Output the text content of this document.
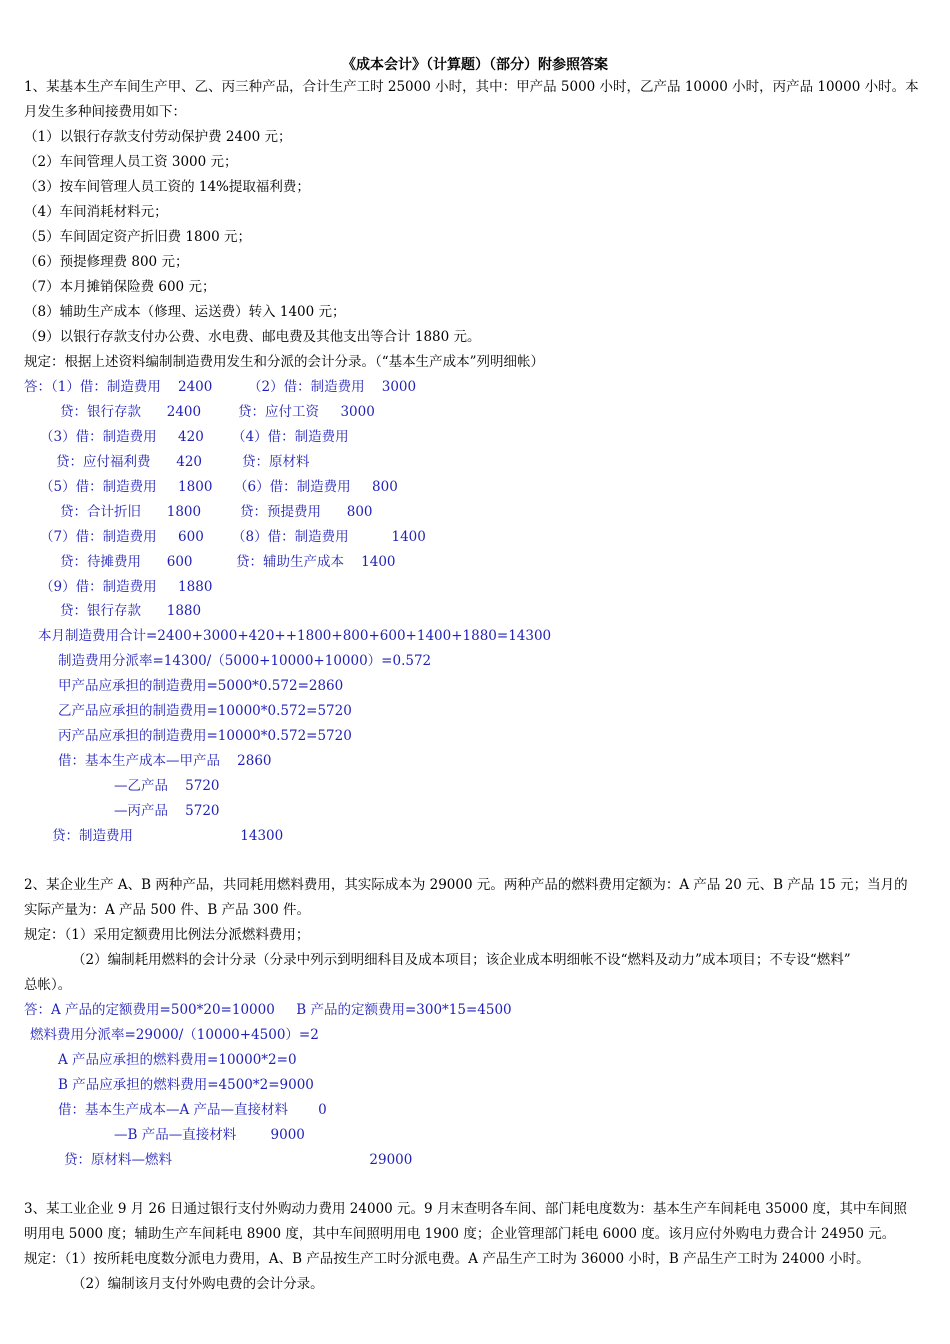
《成本会计》（计算题）（部分）附参照答案
1、某基本生产车间生产甲、乙、丙三种产品，合计生产工时 25000 小时，其中：甲产品 5000 小时，乙产品 10000 小时，丙产品 10000 小时。本
月发生多种间接费用如下：
（1）以银行存款支付劳动保护费 2400 元；
（2）车间管理人员工资 3000 元；
（3）按车间管理人员工资的 14%提取福利费；
（4）车间消耗材料元；
（5）车间固定资产折旧费 1800 元；
（6）预提修理费 800 元；
（7）本月摊销保险费 600 元；
（8）辅助生产成本（修理、运送费）转入 1400 元；
（9）以银行存款支付办公费、水电费、邮电费及其他支出等合计 1880 元。
规定：根据上述资料编制制造费用发生和分派的会计分录。（“基本生产成本”列明细帐）
答：（1）借：制造费用    2400	（2）借：制造费用    3000
贷：银行存款      2400	贷：应付工资     3000
（3）借：制造费用     420 （4）借：制造费用
贷：应付福利费      420	贷：原材料
（5）借：制造费用     1800 （6）借：制造费用     800
贷：合计折旧      1800	贷：预提费用      800
（7）借：制造费用     600 （8）借：制造费用          1400
贷：待摊费用      600	贷：辅助生产成本    1400
（9）借：制造费用     1880
贷：银行存款      1880
本月制造费用合计=2400+3000+420++1800+800+600+1400+1880=14300
制造费用分派率=14300/（5000+10000+10000）=0.572
甲产品应承担的制造费用=5000*0.572=2860
乙产品应承担的制造费用=10000*0.572=5720
丙产品应承担的制造费用=10000*0.572=5720
借：基本生产成本—甲产品    2860
—乙产品    5720
—丙产品    5720
贷：制造费用                         14300
2、某企业生产 A、B 两种产品，共同耗用燃料费用，其实际成本为 29000 元。两种产品的燃料费用定额为：A 产品 20 元、B 产品 15 元；当月的
实际产量为：A 产品 500 件、B 产品 300 件。
规定：（1）采用定额费用比例法分派燃料费用；
（2）编制耗用燃料的会计分录（分录中列示到明细科目及成本项目；该企业成本明细帐不设“燃料及动力”成本项目；不专设“燃料”
总帐）。
答：A 产品的定额费用=500*20=10000     B 产品的定额费用=300*15=4500
燃料费用分派率=29000/（10000+4500）=2
A 产品应承担的燃料费用=10000*2=0
B 产品应承担的燃料费用=4500*2=9000
借：基本生产成本—A 产品—直接材料       0
—B 产品—直接材料        9000
贷：原材料—燃料                                              29000
3、某工业企业 9 月 26 日通过银行支付外购动力费用 24000 元。9 月末查明各车间、部门耗电度数为：基本生产车间耗电 35000 度，其中车间照
明用电 5000 度；辅助生产车间耗电 8900 度，其中车间照明用电 1900 度；企业管理部门耗电 6000 度。该月应付外购电力费合计 24950 元。
规定：（1）按所耗电度数分派电力费用，A、B 产品按生产工时分派电费。A 产品生产工时为 36000 小时，B 产品生产工时为 24000 小时。
（2）编制该月支付外购电费的会计分录。
